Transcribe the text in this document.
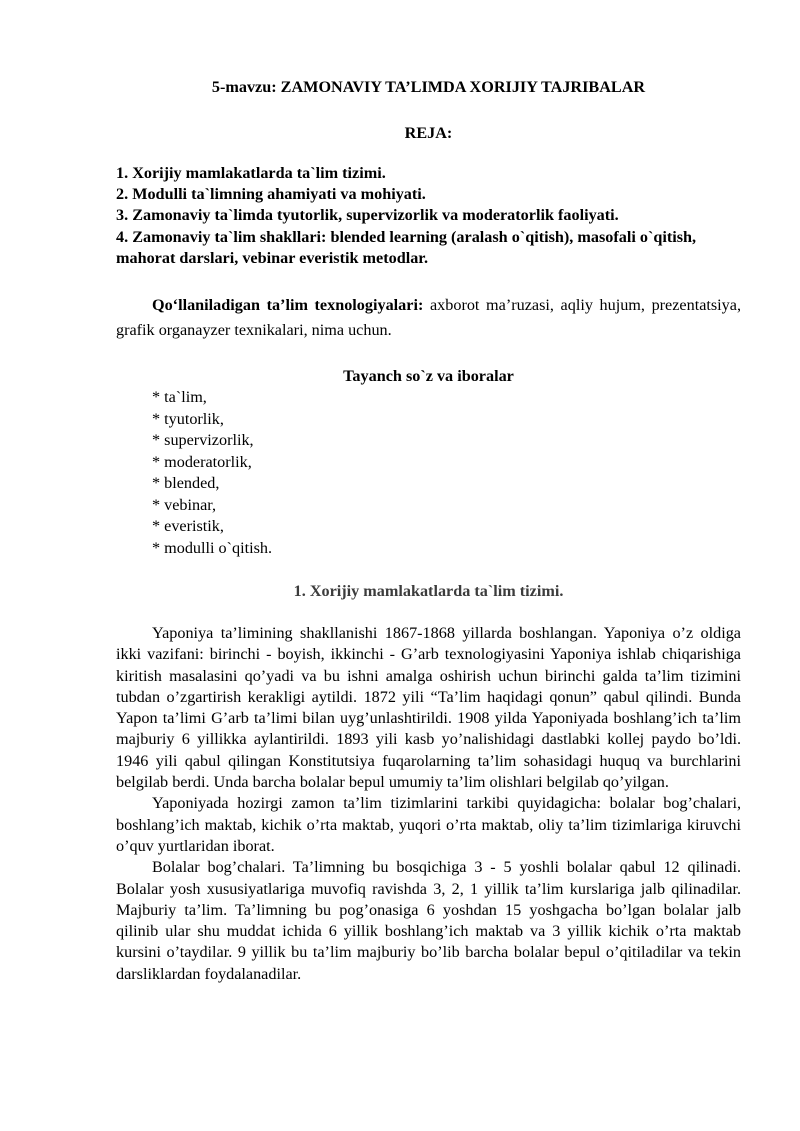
5-mavzu: ZAMONAVIY TA’LIMDA XORIJIY TAJRIBALAR
REJA:
1. Xorijiy mamlakatlarda ta`lim tizimi.
2. Modulli ta`limning ahamiyati va mohiyati.
3. Zamonaviy ta`limda tyutorlik, supervizorlik va moderatorlik faoliyati.
4. Zamonaviy ta`lim shakllari: blended learning (aralash o`qitish), masofali o`qitish, mahorat darslari, vebinar everistik metodlar.

Qo‘llaniladigan ta’lim texnologiyalari: axborot ma’ruzasi, aqliy hujum, prezentatsiya, grafik organayzer texnikalari, nima uchun.

Tayanch so`z va iboralar
* ta`lim,
* tyutorlik,
* supervizorlik,
* moderatorlik,
* blended,
* vebinar,
* everistik,
* modulli o`qitish.
1. Xorijiy mamlakatlarda ta`lim tizimi.

Yaponiya ta’limining shakllanishi 1867-1868 yillarda boshlangan. Yaponiya o’z oldiga ikki vazifani: birinchi - boyish, ikkinchi - G’arb texnologiyasini Yaponiya ishlab chiqarishiga kiritish masalasini qo’yadi va bu ishni amalga oshirish uchun birinchi galda ta’lim tizimini tubdan o’zgartirish kerakligi aytildi. 1872 yili “Ta’lim haqidagi qonun” qabul qilindi. Bunda Yapon ta’limi G’arb ta’limi bilan uyg’unlashtirildi. 1908 yilda Yaponiyada boshlang’ich ta’lim majburiy 6 yillikka aylantirildi. 1893 yili kasb yo’nalishidagi dastlabki kollej paydo bo’ldi. 1946 yili qabul qilingan Konstitutsiya fuqarolarning ta’lim sohasidagi huquq va burchlarini belgilab berdi. Unda barcha bolalar bepul umumiy ta’lim olishlari belgilab qo’yilgan.

Yaponiyada hozirgi zamon ta’lim tizimlarini tarkibi quyidagicha: bolalar bog’chalari, boshlang’ich maktab, kichik o’rta maktab, yuqori o’rta maktab, oliy ta’lim tizimlariga kiruvchi o’quv yurtlaridan iborat.

Bolalar bog’chalari. Ta’limning bu bosqichiga 3 - 5 yoshli bolalar qabul 12 qilinadi. Bolalar yosh xususiyatlariga muvofiq ravishda 3, 2, 1 yillik ta’lim kurslariga jalb qilinadilar. Majburiy ta’lim. Ta’limning bu pog’onasiga 6 yoshdan 15 yoshgacha bo’lgan bolalar jalb qilinib ular shu muddat ichida 6 yillik boshlang’ich maktab va 3 yillik kichik o’rta maktab kursini o’taydilar. 9 yillik bu ta’lim majburiy bo’lib barcha bolalar bepul o’qitiladilar va tekin darsliklardan foydalanadilar.
